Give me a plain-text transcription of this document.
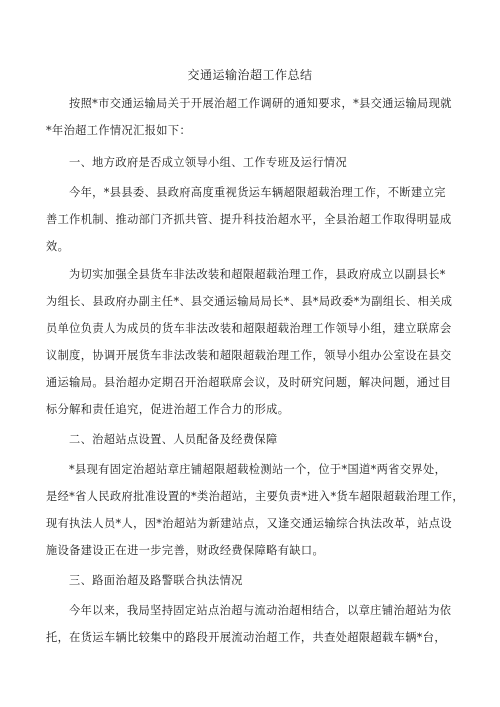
交通运输治超工作总结
按照*市交通运输局关于开展治超工作调研的通知要求，*县交通运输局现就
*年治超工作情况汇报如下：
一、地方政府是否成立领导小组、工作专班及运行情况
今年，*县县委、县政府高度重视货运车辆超限超载治理工作，不断建立完
善工作机制、推动部门齐抓共管、提升科技治超水平，全县治超工作取得明显成
效。
为切实加强全县货车非法改装和超限超载治理工作，县政府成立以副县长*
为组长、县政府办副主任*、县交通运输局局长*、县*局政委*为副组长、相关成
员单位负责人为成员的货车非法改装和超限超载治理工作领导小组，建立联席会
议制度，协调开展货车非法改装和超限超载治理工作，领导小组办公室设在县交
通运输局。县治超办定期召开治超联席会议，及时研究问题，解决问题，通过目
标分解和责任追究，促进治超工作合力的形成。
二、治超站点设置、人员配备及经费保障
*县现有固定治超站章庄铺超限超载检测站一个，位于*国道*两省交界处，
是经*省人民政府批准设置的*类治超站，主要负责*进入*货车超限超载治理工作，
现有执法人员*人，因*治超站为新建站点，又逢交通运输综合执法改革，站点设
施设备建设正在进一步完善，财政经费保障略有缺口。
三、路面治超及路警联合执法情况
今年以来，我局坚持固定站点治超与流动治超相结合，以章庄铺治超站为依
托，在货运车辆比较集中的路段开展流动治超工作，共查处超限超载车辆*台，
